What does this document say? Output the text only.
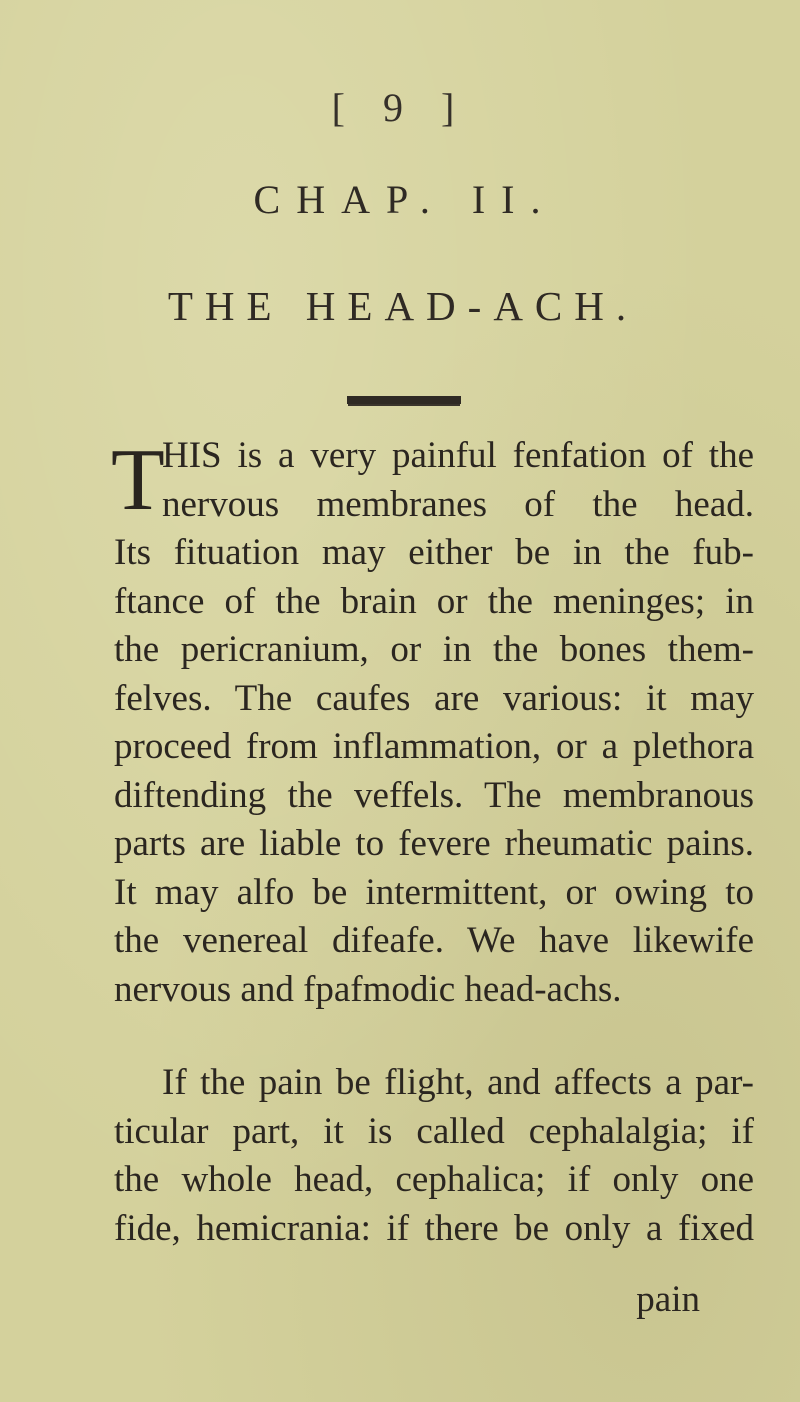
[ 9 ]
CHAP. II.
THE HEAD-ACH.
T
HIS is a very painful fenfation of the
nervous membranes of the head.
Its fituation may either be in the fub-
ftance of the brain or the meninges; in
the pericranium, or in the bones them-
felves. The caufes are various: it may
proceed from inflammation, or a plethora
diftending the veffels. The membranous
parts are liable to fevere rheumatic pains.
It may alfo be intermittent, or owing to
the venereal difeafe. We have likewife
nervous and fpafmodic head-achs.
If the pain be flight, and affects a par-
ticular part, it is called cephalalgia; if
the whole head, cephalica; if only one
fide, hemicrania: if there be only a fixed
pain
